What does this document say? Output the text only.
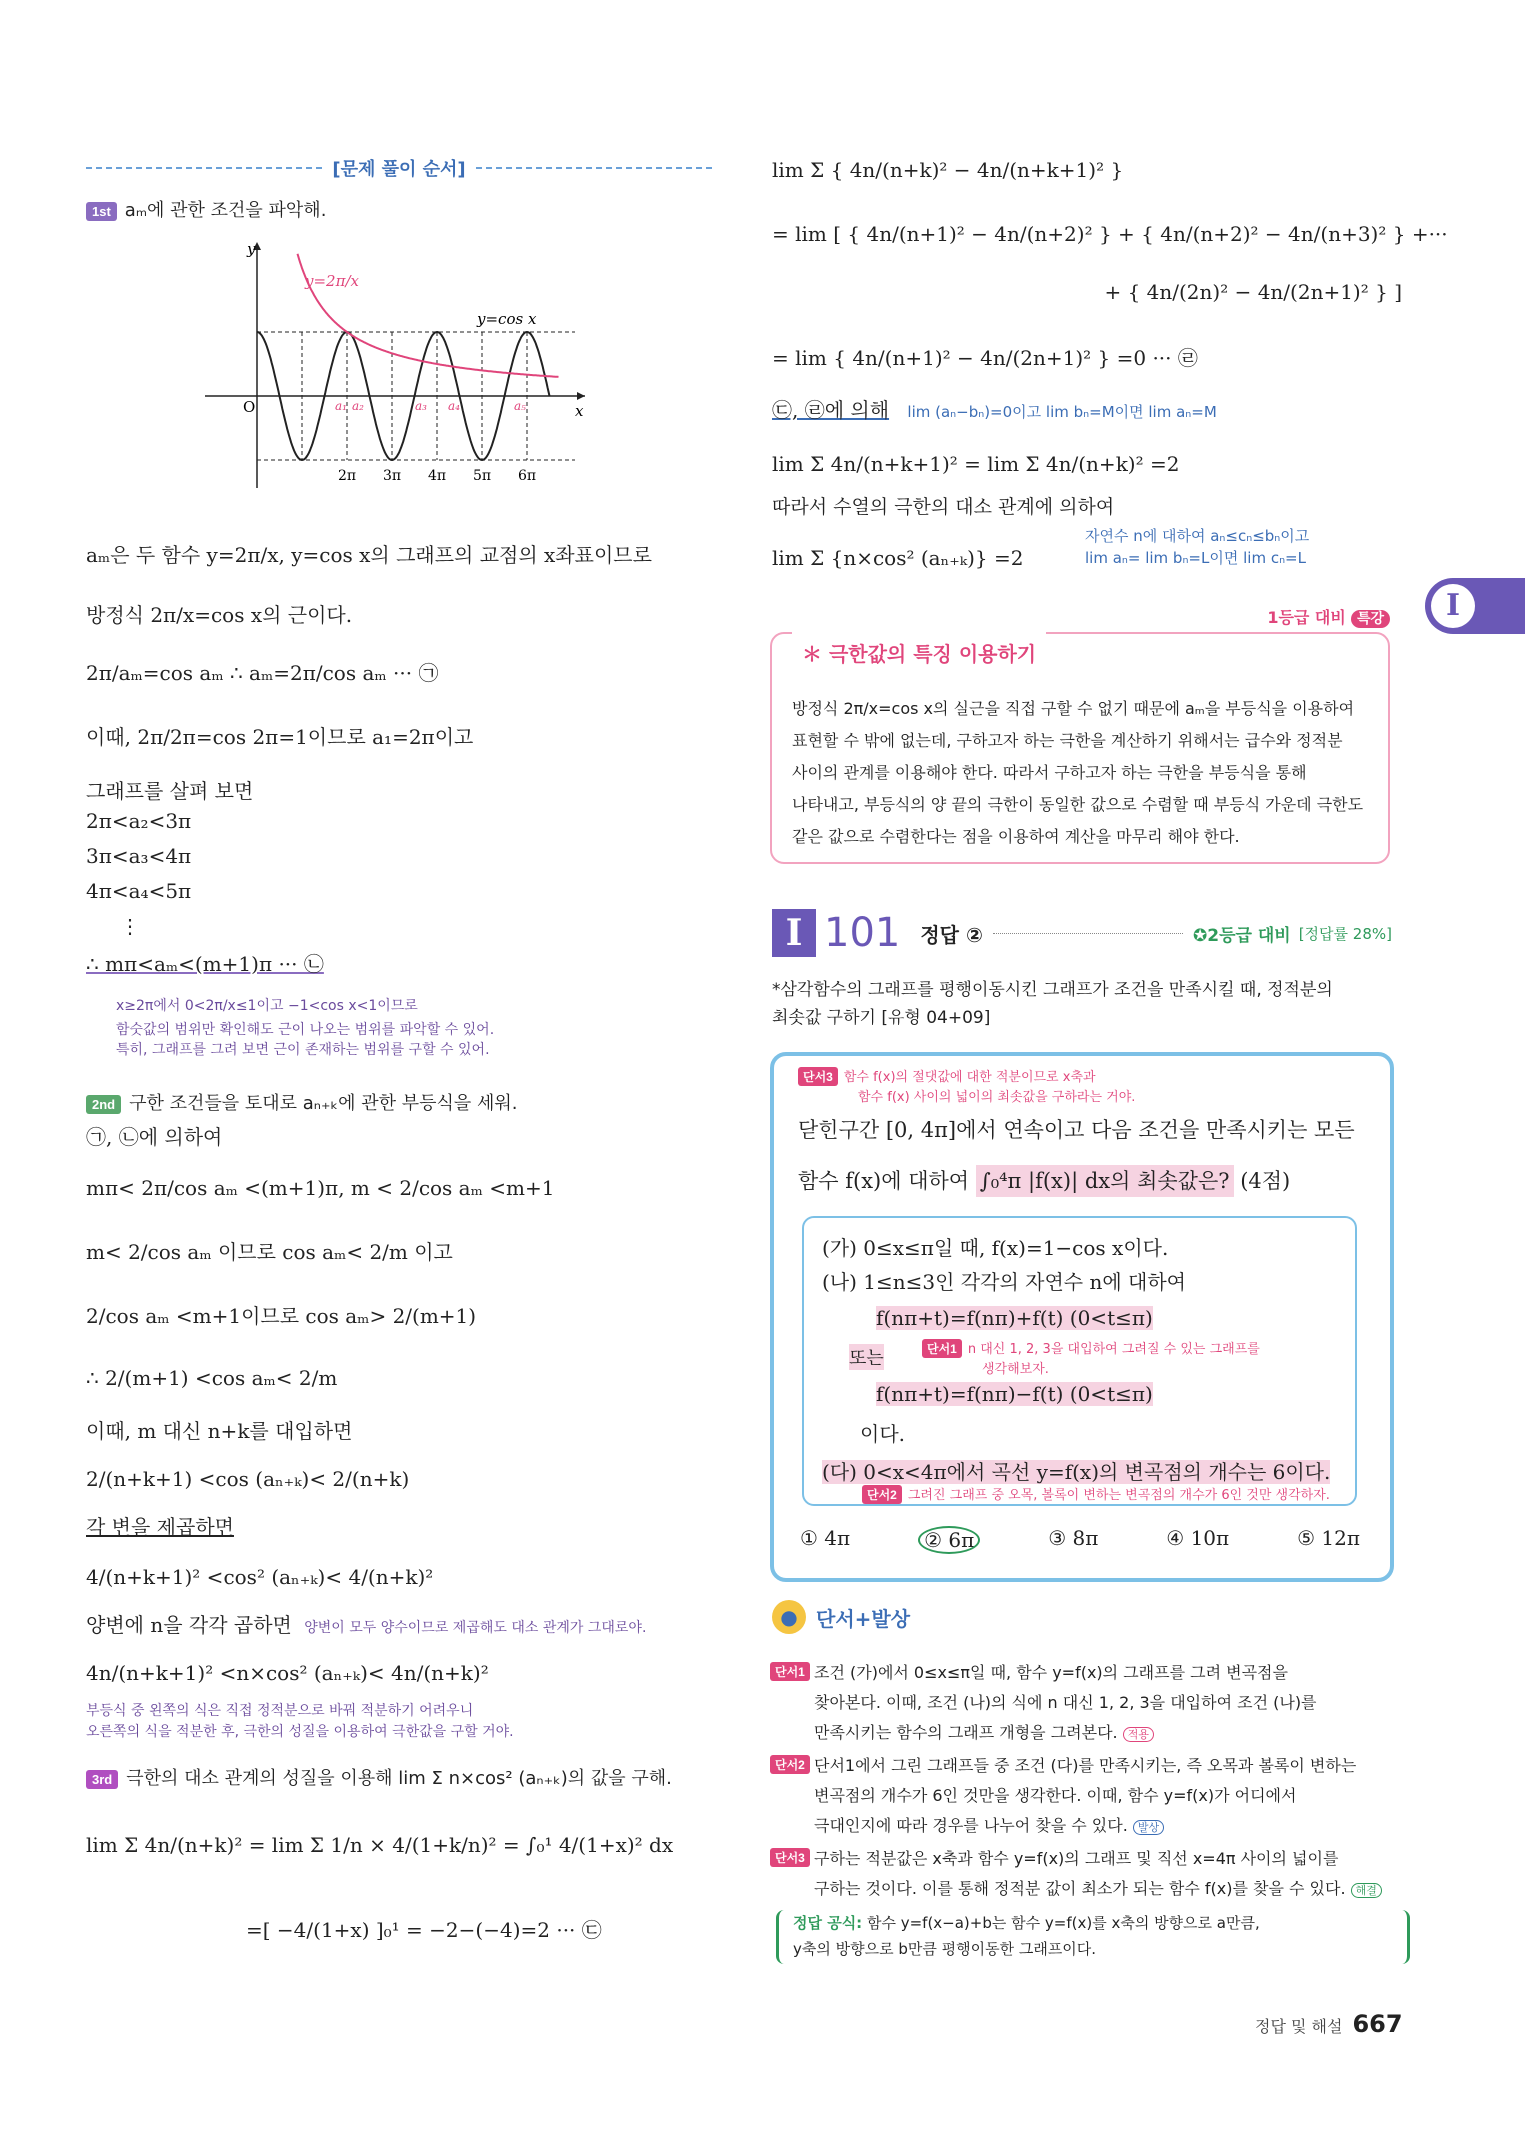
[문제 풀이 순서]
1st aₘ에 관한 조건을 파악해.
y
x
O
y=2π/x
y=cos x
2π 3π 4π 5π 6π
a₁ a₂	a₃ a₄	a₅
aₘ은 두 함수 y=2π/x, y=cos x의 그래프의 교점의 x좌표이므로
방정식 2π/x=cos x의 근이다.
2π/aₘ=cos aₘ ∴ aₘ=2π/cos aₘ ··· ㉠
이때, 2π/2π=cos 2π=1이므로 a₁=2π이고
그래프를 살펴 보면
2π<a₂<3π
3π<a₃<4π
4π<a₄<5π
⋮
∴ mπ<aₘ<(m+1)π ··· ㉡
x≥2π에서 0<2π/x≤1이고 −1<cos x<1이므로
함숫값의 범위만 확인해도 근이 나오는 범위를 파악할 수 있어.
특히, 그래프를 그려 보면 근이 존재하는 범위를 구할 수 있어.
2nd 구한 조건들을 토대로 aₙ₊ₖ에 관한 부등식을 세워.
㉠, ㉡에 의하여
mπ< 2π/cos aₘ <(m+1)π, m < 2/cos aₘ <m+1
m< 2/cos aₘ 이므로 cos aₘ< 2/m 이고
2/cos aₘ <m+1이므로 cos aₘ> 2/(m+1)
∴ 2/(m+1) <cos aₘ< 2/m
이때, m 대신 n+k를 대입하면
2/(n+k+1) <cos (aₙ₊ₖ)< 2/(n+k)
각 변을 제곱하면
4/(n+k+1)² <cos² (aₙ₊ₖ)< 4/(n+k)²
양변에 n을 각각 곱하면 양변이 모두 양수이므로 제곱해도 대소 관계가 그대로야.
4n/(n+k+1)² <n×cos² (aₙ₊ₖ)< 4n/(n+k)²
부등식 중 왼쪽의 식은 직접 정적분으로 바꿔 적분하기 어려우니
오른쪽의 식을 적분한 후, 극한의 성질을 이용하여 극한값을 구할 거야.
3rd 극한의 대소 관계의 성질을 이용해 lim Σ n×cos² (aₙ₊ₖ)의 값을 구해.
lim Σ 4n/(n+k)² = lim Σ 1/n × 4/(1+k/n)² = ∫₀¹ 4/(1+x)² dx
=[ −4/(1+x) ]₀¹ = −2−(−4)=2 ··· ㉢
lim Σ { 4n/(n+k)² − 4n/(n+k+1)² }
= lim [ { 4n/(n+1)² − 4n/(n+2)² } + { 4n/(n+2)² − 4n/(n+3)² } +···
+ { 4n/(2n)² − 4n/(2n+1)² } ]
= lim { 4n/(n+1)² − 4n/(2n+1)² } =0 ··· ㉣
㉢, ㉣에 의해 lim (aₙ−bₙ)=0이고 lim bₙ=M이면 lim aₙ=M
lim Σ 4n/(n+k+1)² = lim Σ 4n/(n+k)² =2
따라서 수열의 극한의 대소 관계에 의하여
lim Σ {n×cos² (aₙ₊ₖ)} =2
자연수 n에 대하여 aₙ≤cₙ≤bₙ이고
lim aₙ= lim bₙ=L이면 lim cₙ=L
I
1등급 대비 특강
＊ 극한값의 특징 이용하기
방정식 2π/x=cos x의 실근을 직접 구할 수 없기 때문에 aₘ을 부등식을 이용하여
표현할 수 밖에 없는데, 구하고자 하는 극한을 계산하기 위해서는 급수와 정적분
사이의 관계를 이용해야 한다. 따라서 구하고자 하는 극한을 부등식을 통해
나타내고, 부등식의 양 끝의 극한이 동일한 값으로 수렴할 때 부등식 가운데 극한도
같은 값으로 수렴한다는 점을 이용하여 계산을 마무리 해야 한다.
I 101 정답 ②	✪2등급 대비 [정답률 28%]
*삼각함수의 그래프를 평행이동시킨 그래프가 조건을 만족시킬 때, 정적분의
최솟값 구하기 [유형 04+09]
단서3 함수 f(x)의 절댓값에 대한 적분이므로 x축과
함수 f(x) 사이의 넓이의 최솟값을 구하라는 거야.
닫힌구간 [0, 4π]에서 연속이고 다음 조건을 만족시키는 모든
함수 f(x)에 대하여 ∫₀⁴π |f(x)| dx의 최솟값은? (4점)
(가) 0≤x≤π일 때, f(x)=1−cos x이다.
(나) 1≤n≤3인 각각의 자연수 n에 대하여
f(nπ+t)=f(nπ)+f(t) (0<t≤π)
또는	단서1 n 대신 1, 2, 3을 대입하여 그려질 수 있는 그래프를
생각해보자.
f(nπ+t)=f(nπ)−f(t) (0<t≤π)
이다.
(다) 0<x<4π에서 곡선 y=f(x)의 변곡점의 개수는 6이다.
단서2 그려진 그래프 중 오목, 볼록이 변하는 변곡점의 개수가 6인 것만 생각하자.
① 4π	② 6π	③ 8π	④ 10π	⑤ 12π
● 단서+발상
단서1 조건 (가)에서 0≤x≤π일 때, 함수 y=f(x)의 그래프를 그려 변곡점을
찾아본다. 이때, 조건 (나)의 식에 n 대신 1, 2, 3을 대입하여 조건 (나)를
만족시키는 함수의 그래프 개형을 그려본다. 적용
단서2 단서1에서 그린 그래프들 중 조건 (다)를 만족시키는, 즉 오목과 볼록이 변하는
변곡점의 개수가 6인 것만을 생각한다. 이때, 함수 y=f(x)가 어디에서
극대인지에 따라 경우를 나누어 찾을 수 있다. 발상
단서3 구하는 적분값은 x축과 함수 y=f(x)의 그래프 및 직선 x=4π 사이의 넓이를
구하는 것이다. 이를 통해 정적분 값이 최소가 되는 함수 f(x)를 찾을 수 있다. 해결
정답 공식: 함수 y=f(x−a)+b는 함수 y=f(x)를 x축의 방향으로 a만큼,
y축의 방향으로 b만큼 평행이동한 그래프이다.
정답 및 해설 667
